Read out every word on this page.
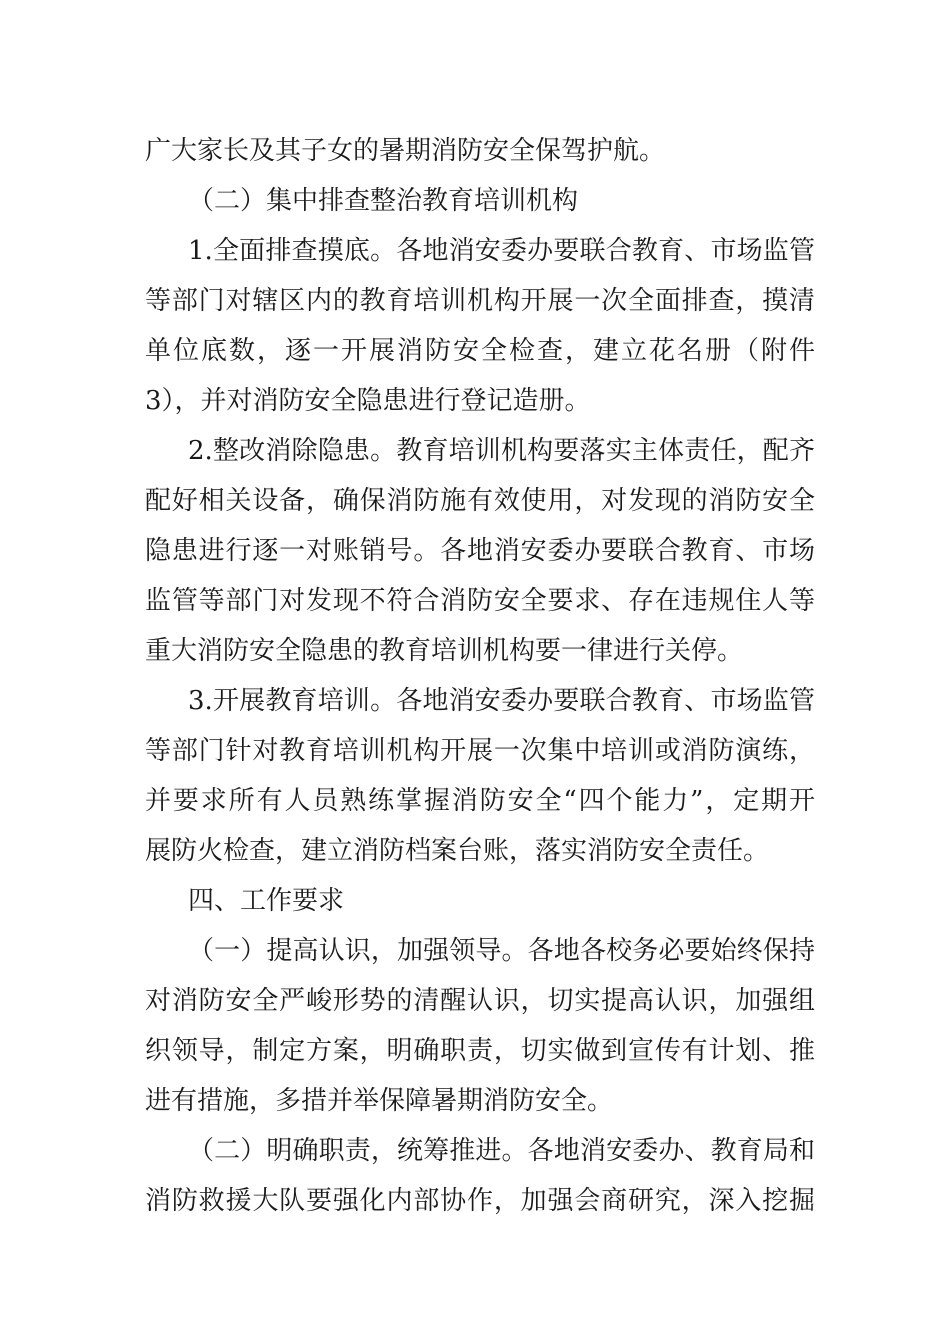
广大家长及其子女的暑期消防安全保驾护航。
（二）集中排查整治教育培训机构
1.全面排查摸底。各地消安委办要联合教育、市场监管
等部门对辖区内的教育培训机构开展一次全面排查，摸清
单位底数，逐一开展消防安全检查，建立花名册（附件
3），并对消防安全隐患进行登记造册。
2.整改消除隐患。教育培训机构要落实主体责任，配齐
配好相关设备，确保消防施有效使用，对发现的消防安全
隐患进行逐一对账销号。各地消安委办要联合教育、市场
监管等部门对发现不符合消防安全要求、存在违规住人等
重大消防安全隐患的教育培训机构要一律进行关停。
3.开展教育培训。各地消安委办要联合教育、市场监管
等部门针对教育培训机构开展一次集中培训或消防演练，
并要求所有人员熟练掌握消防安全“四个能力”，定期开
展防火检查，建立消防档案台账，落实消防安全责任。
四、工作要求
（一）提高认识，加强领导。各地各校务必要始终保持
对消防安全严峻形势的清醒认识，切实提高认识，加强组
织领导，制定方案，明确职责，切实做到宣传有计划、推
进有措施，多措并举保障暑期消防安全。
（二）明确职责，统筹推进。各地消安委办、教育局和
消防救援大队要强化内部协作，加强会商研究，深入挖掘
